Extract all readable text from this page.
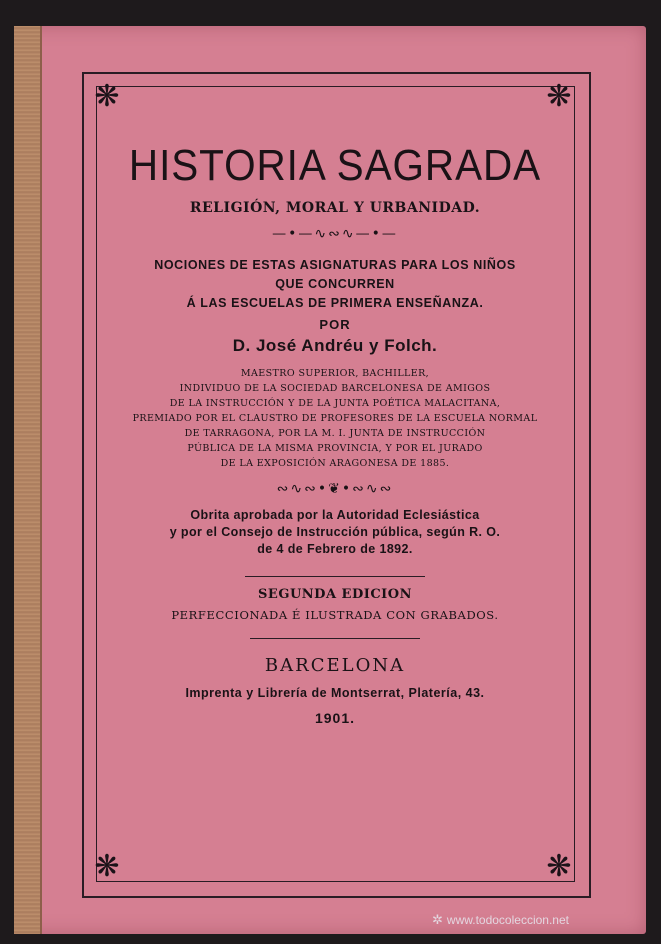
❋	❋
❋	❋
HISTORIA SAGRADA
RELIGIÓN, MORAL Y URBANIDAD.
—•—∿∾∿—•—
NOCIONES DE ESTAS ASIGNATURAS PARA LOS NIÑOS
QUE CONCURREN
Á LAS ESCUELAS DE PRIMERA ENSEÑANZA.
POR
D. José Andréu y Folch.
MAESTRO SUPERIOR, BACHILLER,
INDIVIDUO DE LA SOCIEDAD BARCELONESA DE AMIGOS
DE LA INSTRUCCIÓN Y DE LA JUNTA POÉTICA MALACITANA,
PREMIADO POR EL CLAUSTRO DE PROFESORES DE LA ESCUELA NORMAL
DE TARRAGONA, POR LA M. I. JUNTA DE INSTRUCCIÓN
PÚBLICA DE LA MISMA PROVINCIA, Y POR EL JURADO
DE LA EXPOSICIÓN ARAGONESA DE 1885.
∾∿∾•❦•∾∿∾
Obrita aprobada por la Autoridad Eclesiástica
y por el Consejo de Instrucción pública, según R. O.
de 4 de Febrero de 1892.
SEGUNDA EDICION
PERFECCIONADA É ILUSTRADA CON GRABADOS.
BARCELONA
Imprenta y Librería de Montserrat, Platería, 43.
1901.
✲ www.todocoleccion.net
